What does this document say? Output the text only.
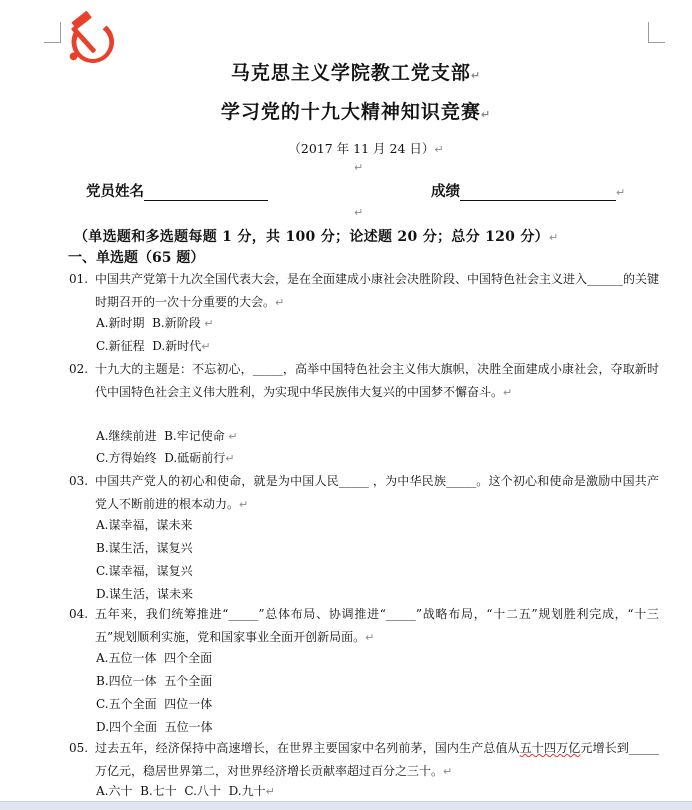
马克思主义学院教工党支部↵
学习党的十九大精神知识竞赛↵
（2017 年 11 月 24 日）↵
↵
党员姓名	成绩	↵
↵
（单选题和多选题每题 1 分，共 100 分；论述题 20 分；总分 120 分）↵
一、单选题（65 题）
01. 中国共产党第十九次全国代表大会，是在全面建成小康社会决胜阶段、中国特色社会主义进入______的关键时期召开的一次十分重要的大会。↵
A.新时期  B.新阶段 ↵
C.新征程  D.新时代↵
02. 十九大的主题是：不忘初心，_____，高举中国特色社会主义伟大旗帜，决胜全面建成小康社会，夺取新时代中国特色社会主义伟大胜利，为实现中华民族伟大复兴的中国梦不懈奋斗。↵
A.继续前进  B.牢记使命 ↵
C.方得始终  D.砥砺前行↵
03. 中国共产党人的初心和使命，就是为中国人民_____ ，为中华民族_____。这个初心和使命是激励中国共产党人不断前进的根本动力。↵
A.谋幸福，谋未来
B.谋生活，谋复兴
C.谋幸福，谋复兴
D.谋生活，谋未来
04. 五年来，我们统筹推进“_____”总体布局、协调推进“_____”战略布局，“十二五”规划胜利完成，“十三五”规划顺利实施，党和国家事业全面开创新局面。↵
A.五位一体  四个全面
B.四位一体  五个全面
C.五个全面  四位一体
D.四个全面  五位一体
05. 过去五年，经济保持中高速增长，在世界主要国家中名列前茅，国内生产总值从五十四万亿元增长到_____万亿元，稳居世界第二，对世界经济增长贡献率超过百分之三十。↵
A.六十  B.七十  C.八十  D.九十↵
